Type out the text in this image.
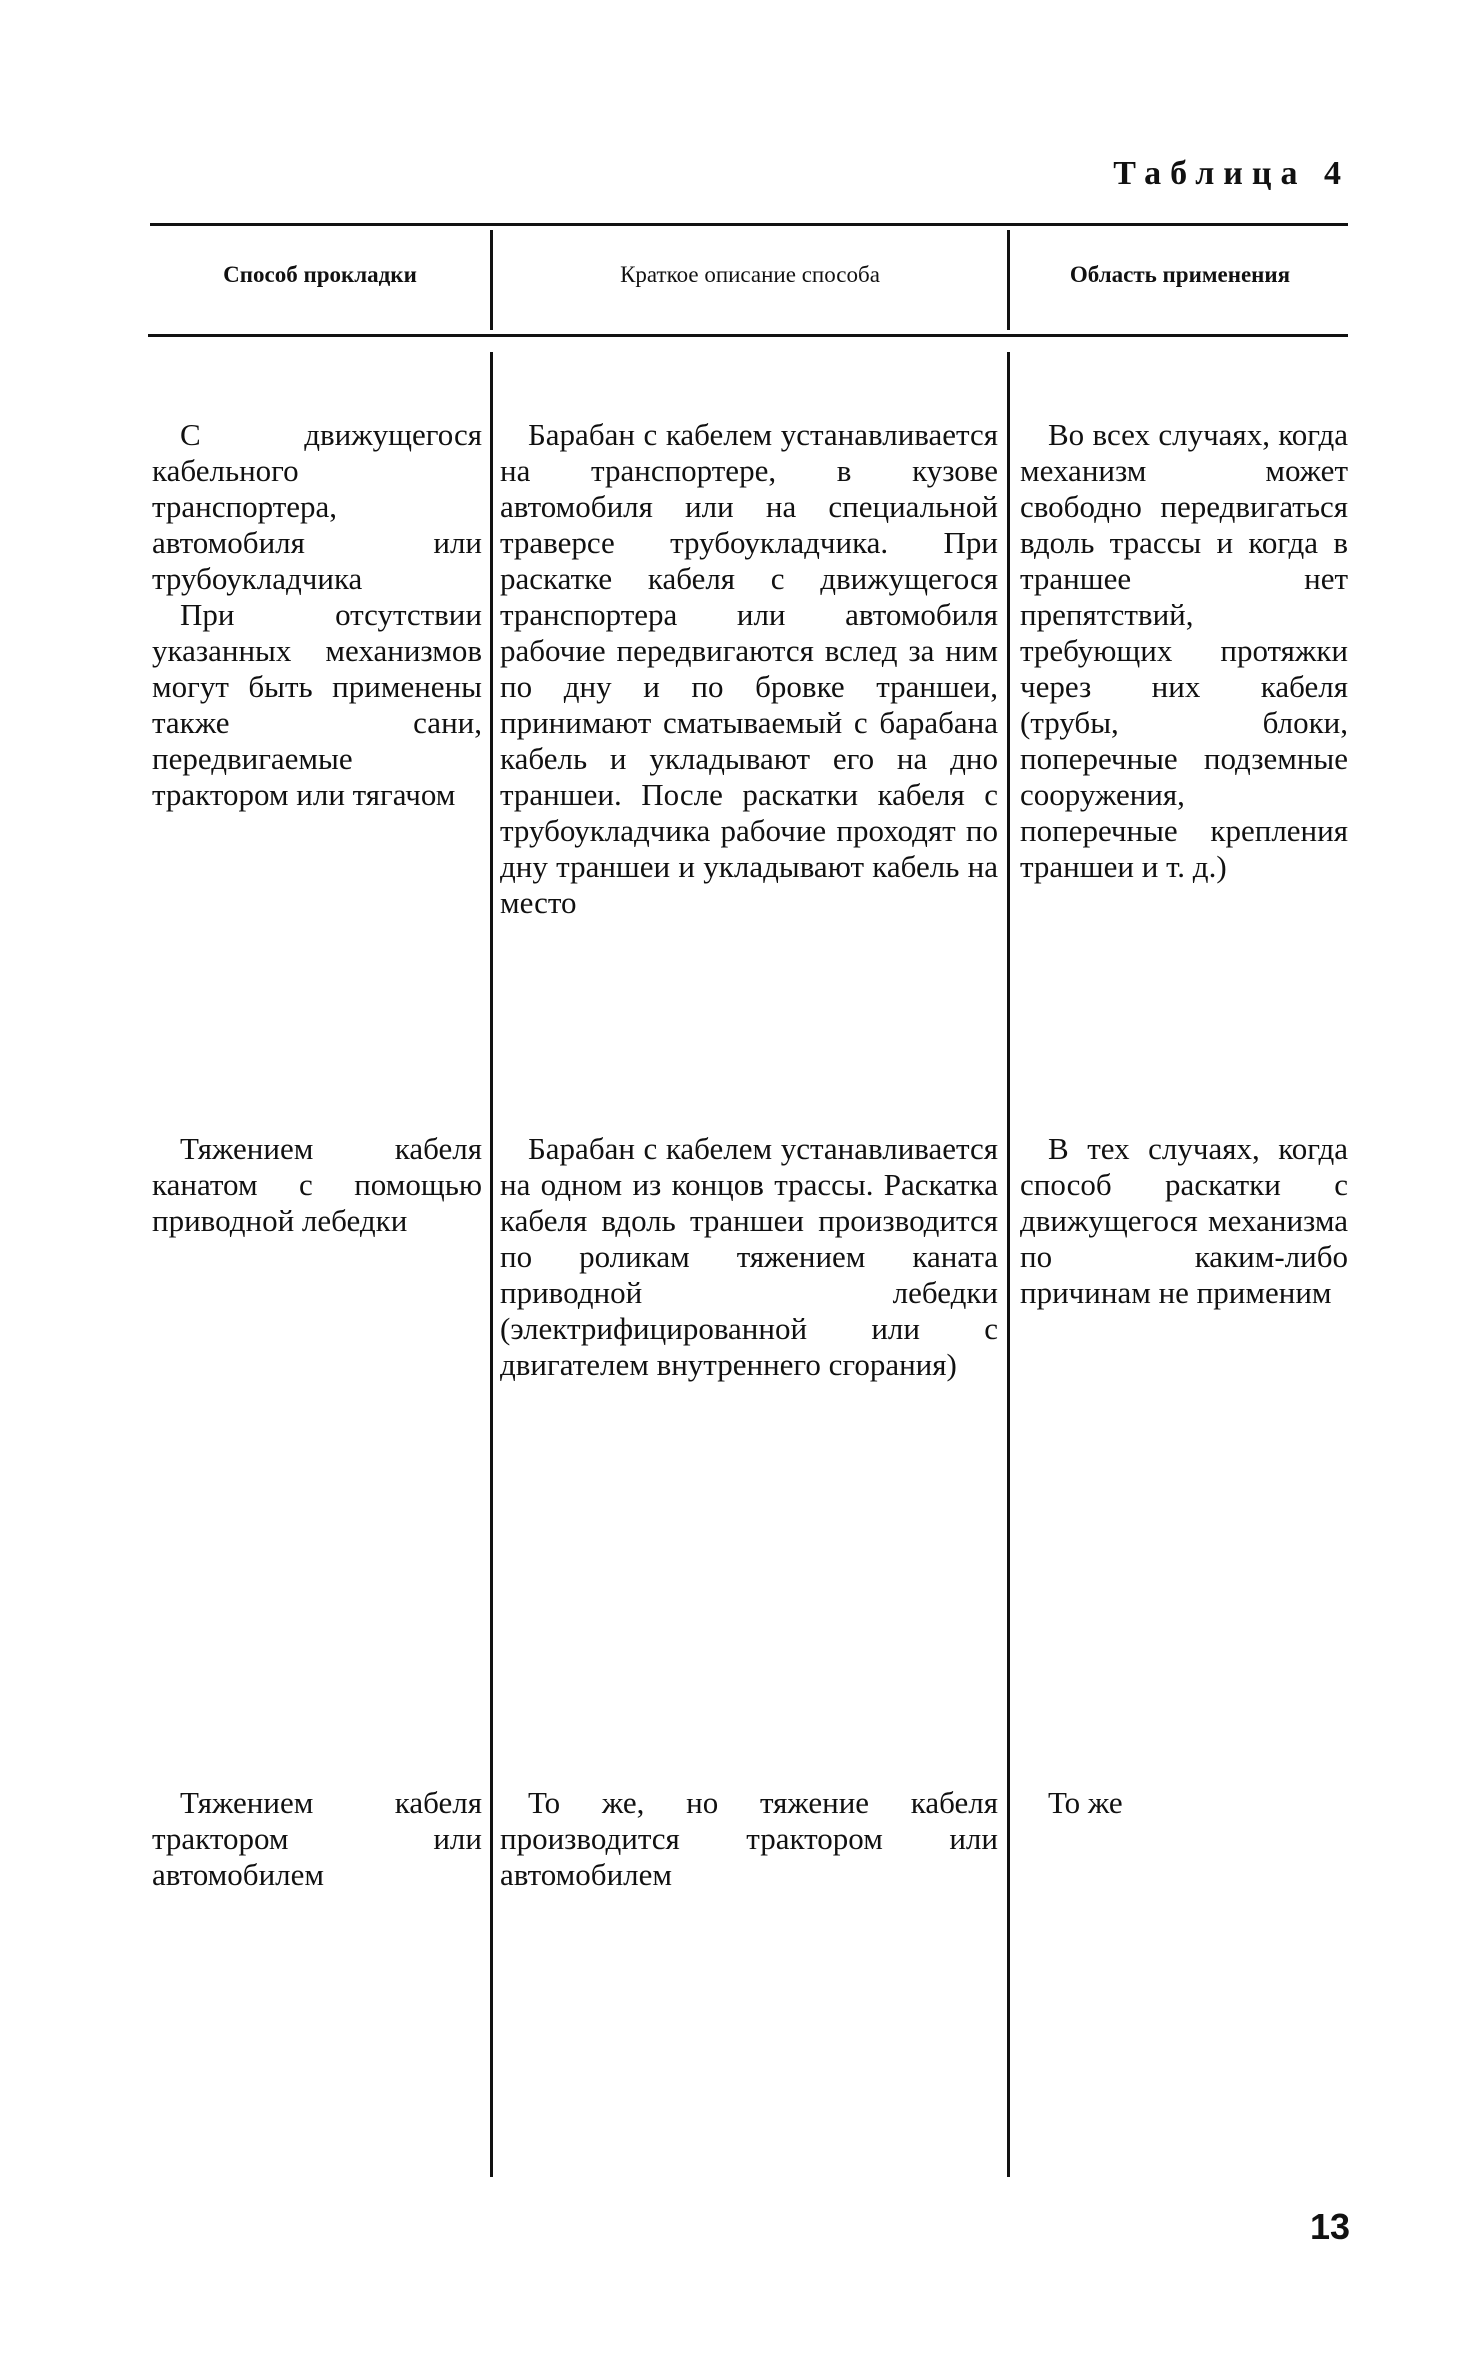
Таблица 4
Способ прокладки	Краткое описание способа	Область применения

С движущегося кабельного транспортера, автомобиля или трубоукладчика

При отсутствии указанных механизмов могут быть применены также сани, передвигаемые трактором или тягачом

Барабан с кабелем устанавливается на транспортере, в кузове автомобиля или на специальной траверсе трубоукладчика. При раскатке кабеля с движущегося транспортера или автомобиля рабочие передвигаются вслед за ним по дну и по бровке траншеи, принимают сматываемый с барабана кабель и укладывают его на дно траншеи. После раскатки кабеля с трубоукладчика рабочие проходят по дну траншеи и укладывают кабель на место

Во всех случаях, когда механизм может свободно передвигаться вдоль трассы и когда в траншее нет препятствий, требующих протяжки через них кабеля (трубы, блоки, поперечные подземные сооружения, поперечные крепления траншеи и т. д.)

Тяжением кабеля канатом с помощью приводной лебедки

Барабан с кабелем устанавливается на одном из концов трассы. Раскатка кабеля вдоль траншеи производится по роликам тяжением каната приводной лебедки (электрифицированной или с двигателем внутреннего сгорания)

В тех случаях, когда способ раскатки с движущегося механизма по каким-либо причинам не применим

Тяжением кабеля трактором или автомобилем

То же, но тяжение кабеля производится трактором или автомобилем

То же

13
